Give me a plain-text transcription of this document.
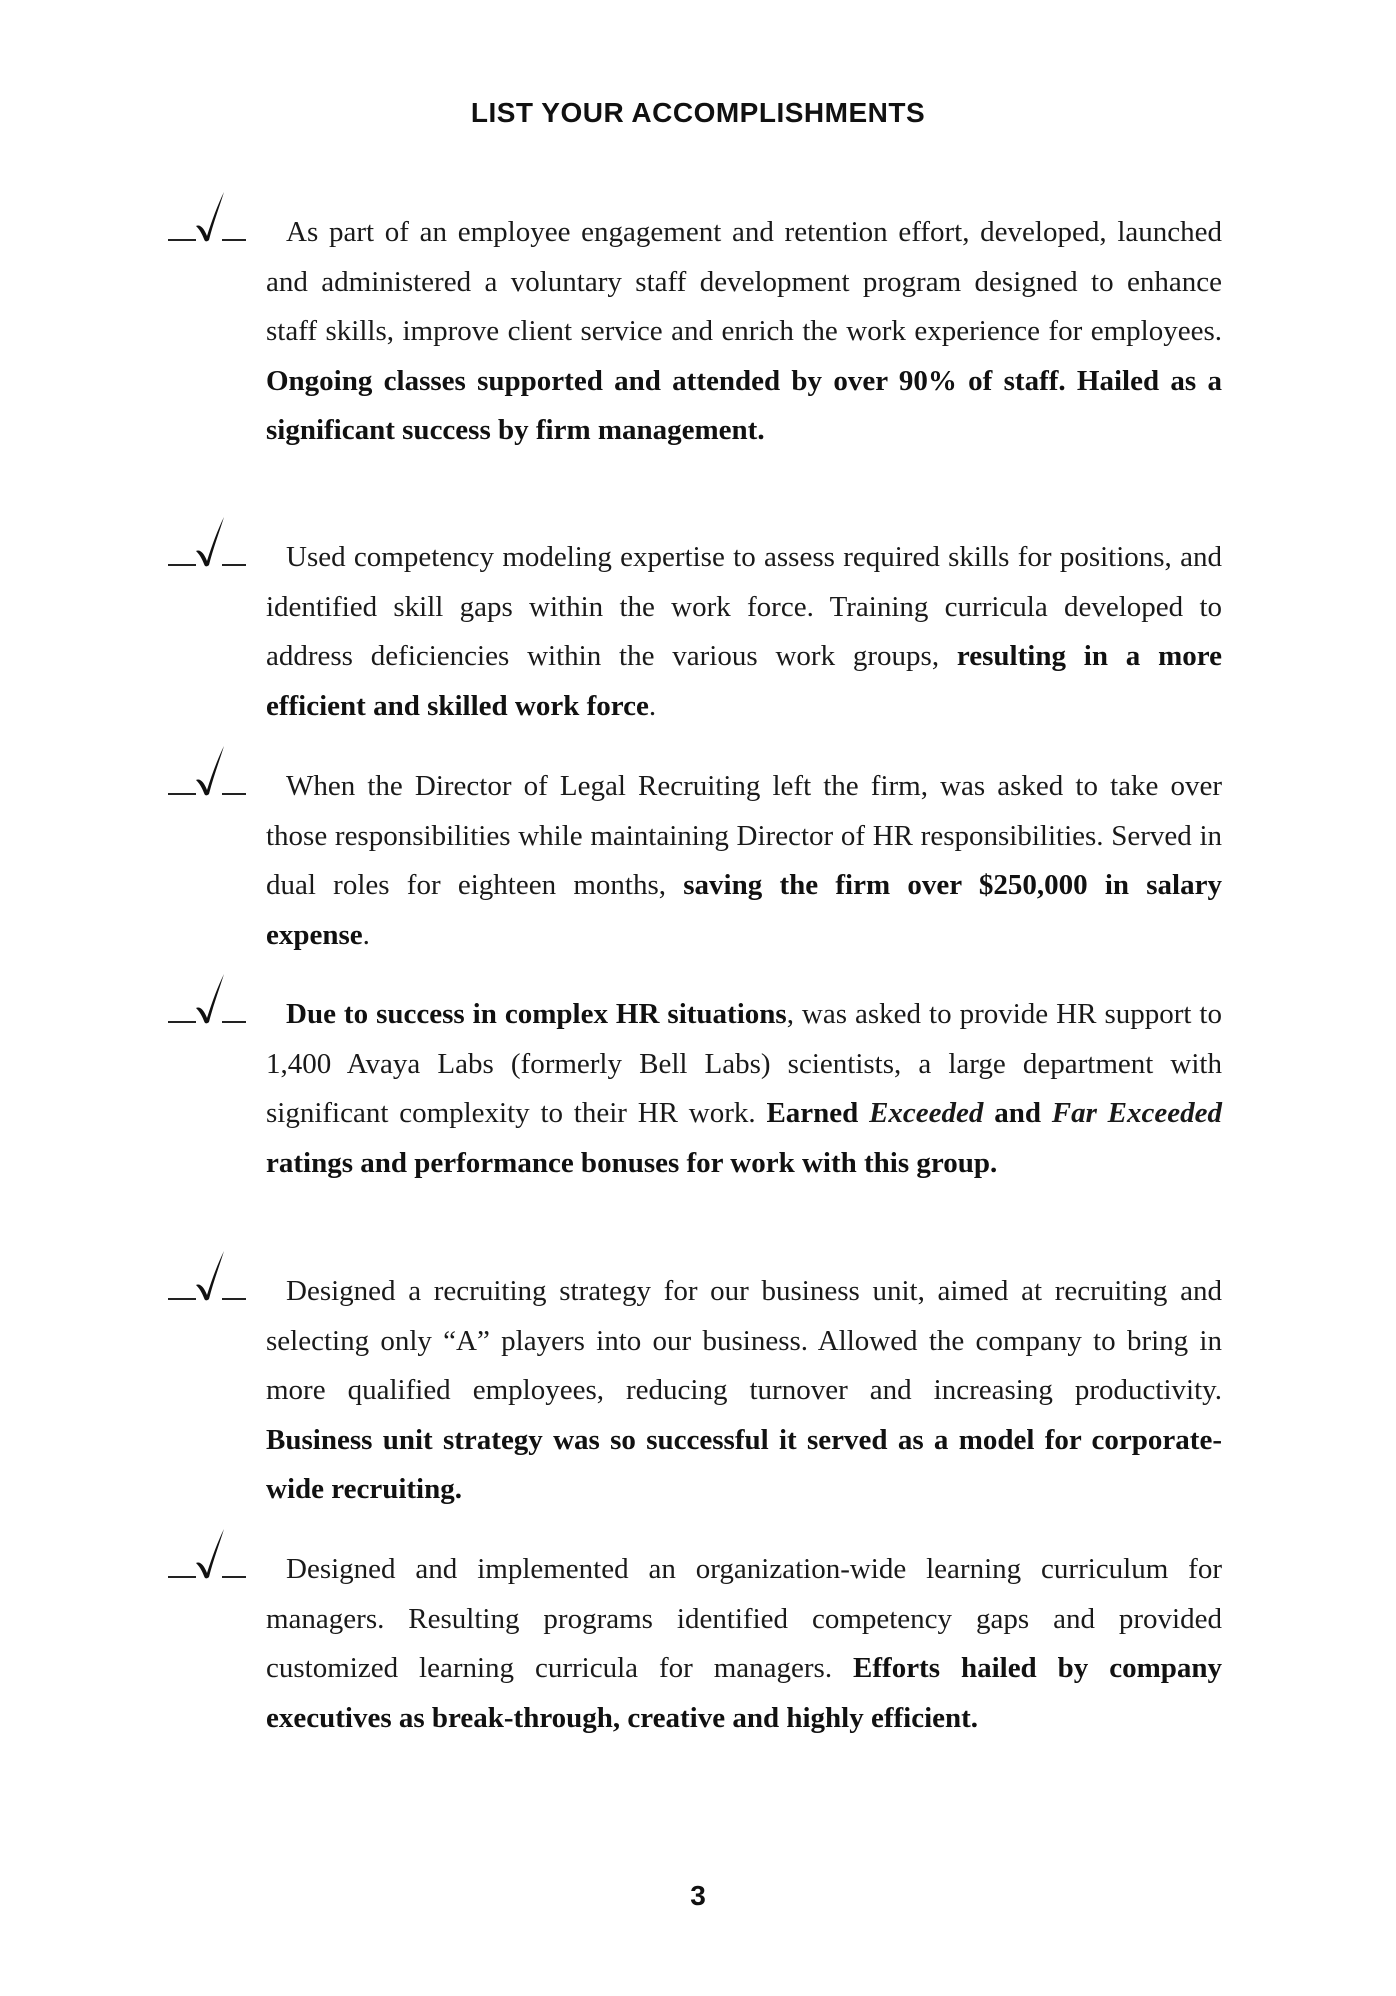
LIST YOUR ACCOMPLISHMENTS
As part of an employee engagement and retention effort, developed, launched and administered a voluntary staff development program designed to enhance staff skills, improve client service and enrich the work experience for employees. Ongoing classes supported and attended by over 90% of staff. Hailed as a significant success by firm management.
Used competency modeling expertise to assess required skills for positions, and identified skill gaps within the work force. Training curricula developed to address deficiencies within the various work groups, resulting in a more efficient and skilled work force.
When the Director of Legal Recruiting left the firm, was asked to take over those responsibilities while maintaining Director of HR responsibilities. Served in dual roles for eighteen months, saving the firm over $250,000 in salary expense.
Due to success in complex HR situations, was asked to provide HR support to 1,400 Avaya Labs (formerly Bell Labs) scientists, a large department with significant complexity to their HR work. Earned Exceeded and Far Exceeded ratings and performance bonuses for work with this group.
Designed a recruiting strategy for our business unit, aimed at recruiting and selecting only “A” players into our business. Allowed the company to bring in more qualified employees, reducing turnover and increasing productivity. Business unit strategy was so successful it served as a model for corporate-wide recruiting.
Designed and implemented an organization-wide learning curriculum for managers. Resulting programs identified competency gaps and provided customized learning curricula for managers. Efforts hailed by company executives as break-through, creative and highly efficient.
3
